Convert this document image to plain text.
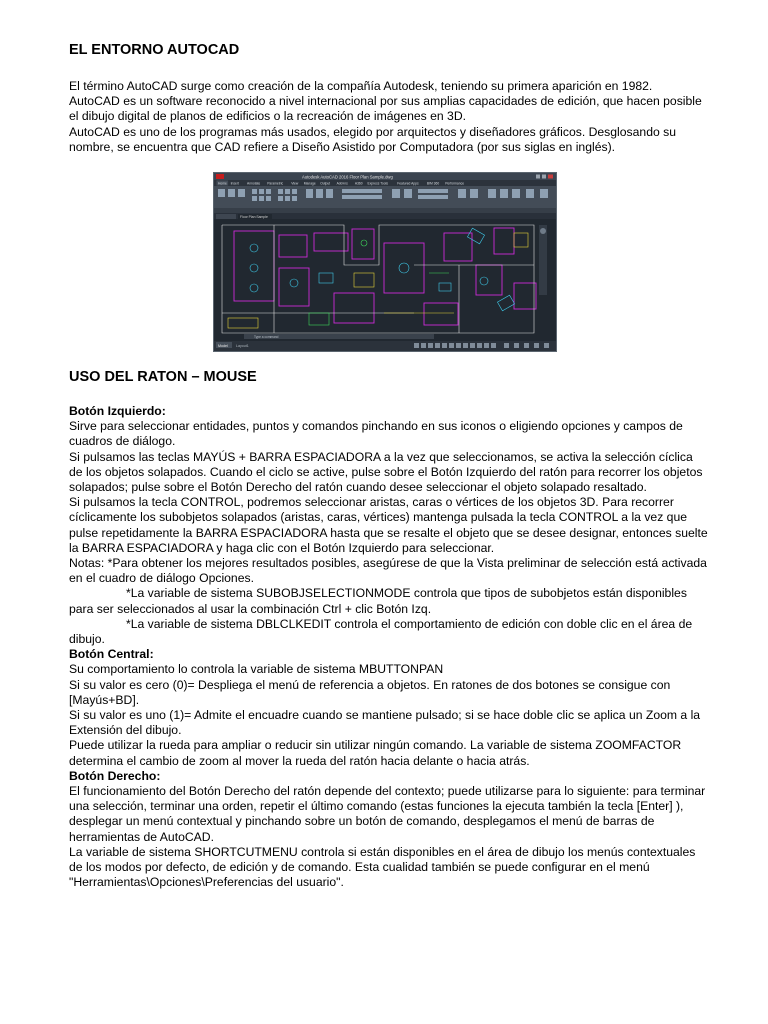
EL ENTORNO AUTOCAD

El término AutoCAD surge como creación de la compañía Autodesk, teniendo su primera aparición en 1982.

AutoCAD es un software reconocido a nivel internacional por sus amplias capacidades de edición, que hacen posible el dibujo digital de planos de edificios o la recreación de imágenes en 3D.

AutoCAD es uno de los programas más usados, elegido por arquitectos y diseñadores gráficos. Desglosando su nombre, se encuentra que CAD refiere a Diseño Asistido por Computadora (por sus siglas en inglés).

Autodesk AutoCAD 2016 Floor Plan Sample.dwg
Home Insert Annotate Parametric View Manage Output Add-ins A360 Express Tools	Featured Apps BIM 360 Performance
Floor Plan Sample
Type a command
Model Layout1
USO DEL RATON – MOUSE

Botón Izquierdo:

Sirve para seleccionar entidades, puntos y comandos pinchando en sus iconos o eligiendo opciones y campos de cuadros de diálogo.

Si pulsamos las teclas MAYÚS + BARRA ESPACIADORA a la vez que seleccionamos, se activa la selección cíclica de los objetos solapados. Cuando el ciclo se active, pulse sobre el Botón Izquierdo del ratón para recorrer los objetos solapados; pulse sobre el Botón Derecho del ratón cuando desee seleccionar el objeto solapado resaltado.

Si pulsamos la tecla CONTROL, podremos seleccionar aristas, caras o vértices de los objetos 3D. Para recorrer cíclicamente los subobjetos solapados (aristas, caras, vértices) mantenga pulsada la tecla CONTROL a la vez que pulse repetidamente la BARRA ESPACIADORA hasta que se resalte el objeto que se desee designar, entonces suelte la BARRA ESPACIADORA y haga clic con el Botón Izquierdo para seleccionar.

Notas: *Para obtener los mejores resultados posibles, asegúrese de que la Vista preliminar de selección está activada en el cuadro de diálogo Opciones.

*La variable de sistema SUBOBJSELECTIONMODE controla que tipos de subobjetos están disponibles para ser seleccionados al usar la combinación Ctrl + clic Botón Izq.

*La variable de sistema DBLCLKEDIT controla el comportamiento de edición con doble clic en el área de dibujo.

Botón Central:

Su comportamiento lo controla la variable de sistema MBUTTONPAN

Si su valor es cero (0)= Despliega el menú de referencia a objetos. En ratones de dos botones se consigue con [Mayús+BD].

Si su valor es uno (1)= Admite el encuadre cuando se mantiene pulsado; si se hace doble clic se aplica un Zoom a la Extensión del dibujo.

Puede utilizar la rueda para ampliar o reducir sin utilizar ningún comando. La variable de sistema ZOOMFACTOR determina el cambio de zoom al mover la rueda del ratón hacia delante o hacia atrás.

Botón Derecho:

El funcionamiento del Botón Derecho del ratón depende del contexto; puede utilizarse para lo siguiente: para terminar una selección, terminar una orden, repetir el último comando (estas funciones la ejecuta también la tecla [Enter] ), desplegar un menú contextual y pinchando sobre un botón de comando, desplegamos el menú de barras de herramientas de AutoCAD.

La variable de sistema SHORTCUTMENU controla si están disponibles en el área de dibujo los menús contextuales de los modos por defecto, de edición y de comando. Esta cualidad también se puede configurar en el menú "Herramientas\Opciones\Preferencias del usuario".
